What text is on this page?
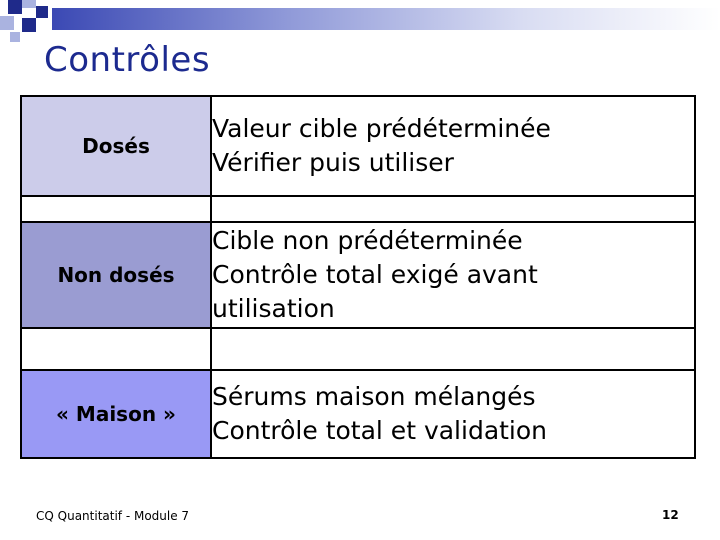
Contrôles
Dosés	Valeur cible prédéterminée
Vérifier puis utiliser

Non dosés	Cible non prédéterminée
Contrôle total exigé avant
utilisation

« Maison »	Sérums maison mélangés
Contrôle total et validation
CQ Quantitatif - Module 7	12
